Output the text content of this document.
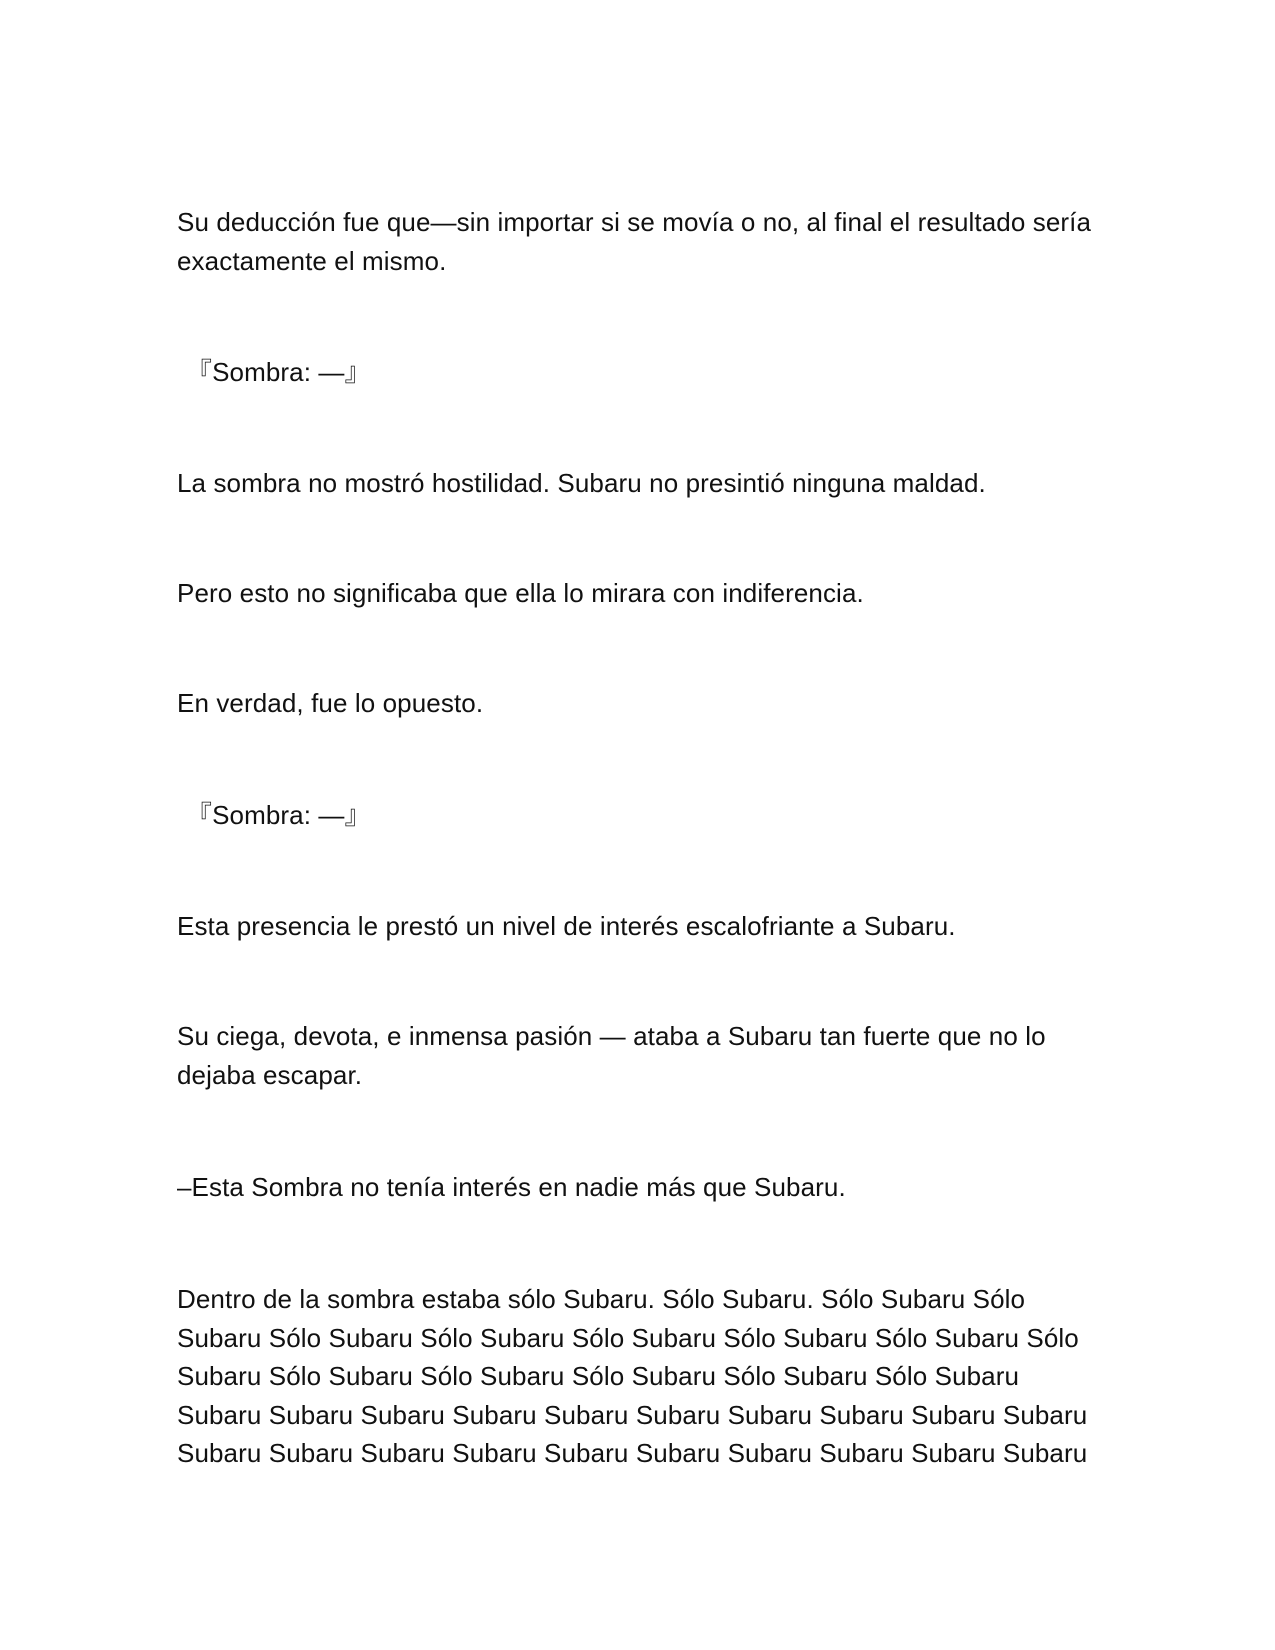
Su deducción fue que—sin importar si se movía o no, al final el resultado sería exactamente el mismo.

『Sombra: —』

La sombra no mostró hostilidad. Subaru no presintió ninguna maldad.

Pero esto no significaba que ella lo mirara con indiferencia.

En verdad, fue lo opuesto.

『Sombra: —』

Esta presencia le prestó un nivel de interés escalofriante a Subaru.

Su ciega, devota, e inmensa pasión — ataba a Subaru tan fuerte que no lo dejaba escapar.

–Esta Sombra no tenía interés en nadie más que Subaru.

Dentro de la sombra estaba sólo Subaru. Sólo Subaru. Sólo Subaru Sólo Subaru Sólo Subaru Sólo Subaru Sólo Subaru Sólo Subaru Sólo Subaru Sólo Subaru Sólo Subaru Sólo Subaru Sólo Subaru Sólo Subaru Sólo Subaru Subaru Subaru Subaru Subaru Subaru Subaru Subaru Subaru Subaru Subaru Subaru Subaru Subaru Subaru Subaru Subaru Subaru Subaru Subaru Subaru
